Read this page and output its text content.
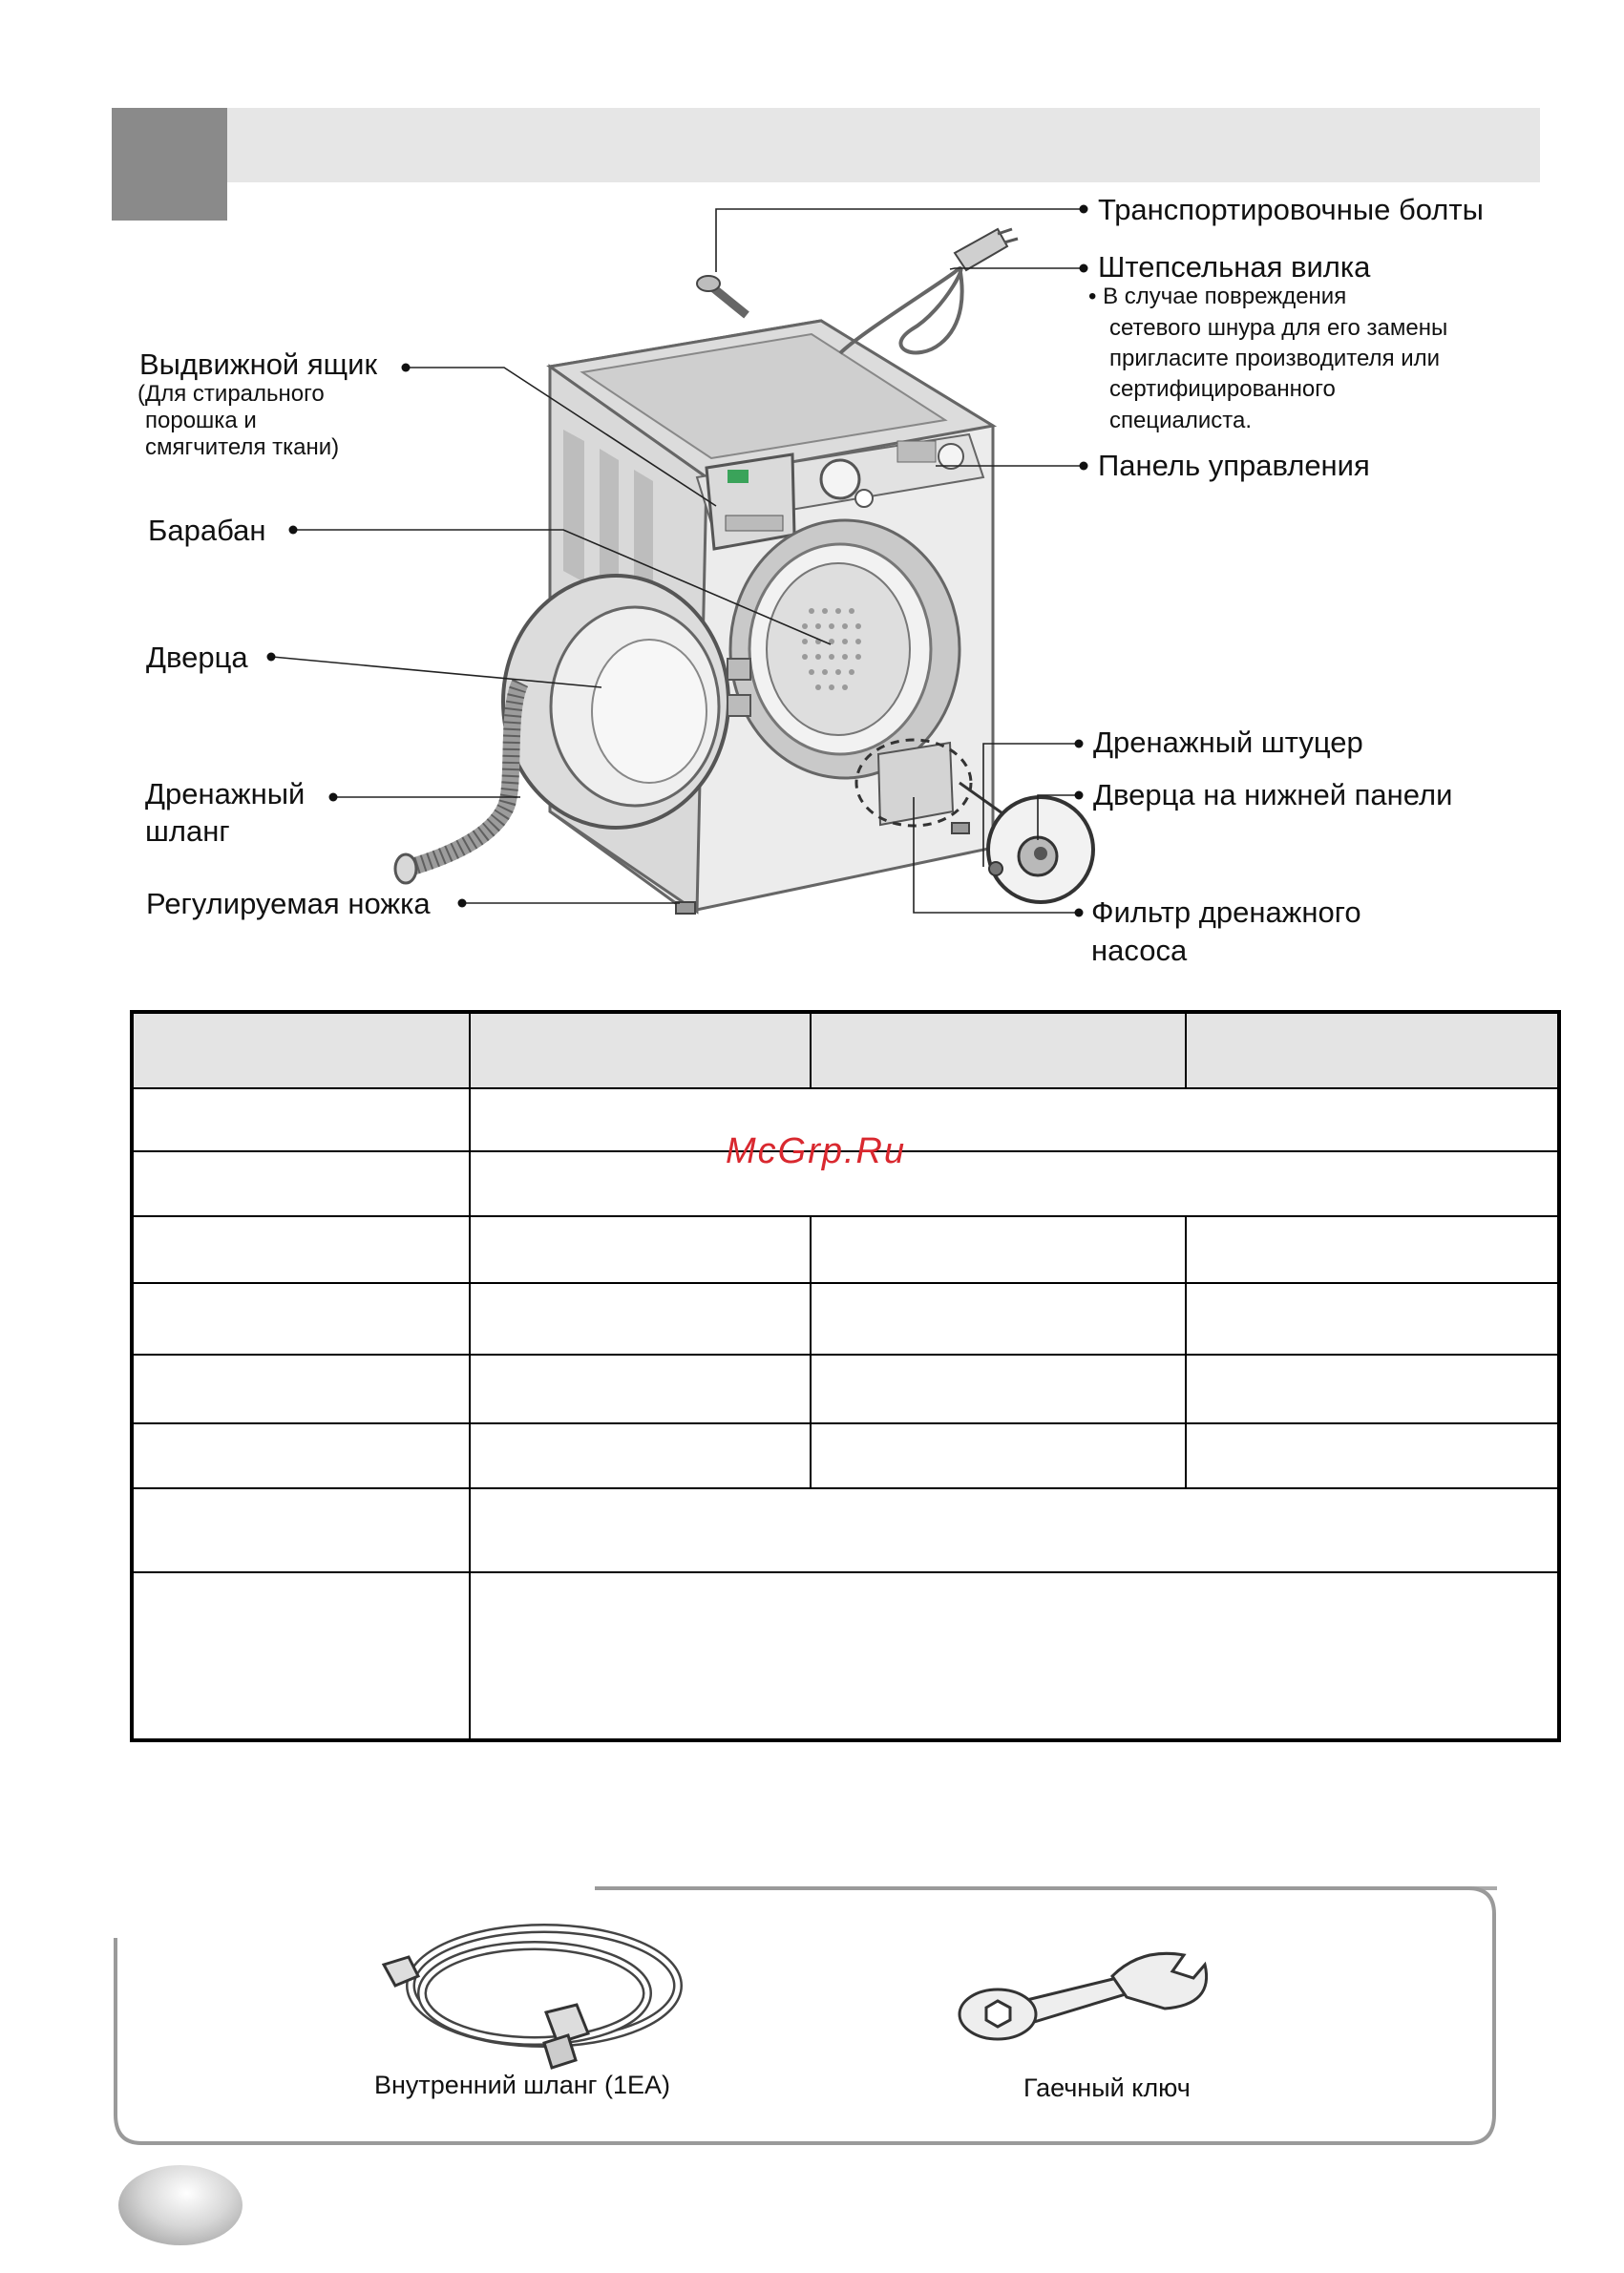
Транспортировочные болты
Штепсельная вилка
• В случае повреждения
сетевого шнура для его замены
пригласите производителя или
сертифицированного
специалиста.
Панель управления
Дренажный штуцер
Дверца на нижней панели
Фильтр дренажного
насоса
Выдвижной ящик
(Для стирального
порошка и
смягчителя ткани)
Барабан
Дверца
Дренажный
шланг
Регулируемая ножка

McGrp.Ru
Внутренний шланг (1EA)	Гаечный ключ
